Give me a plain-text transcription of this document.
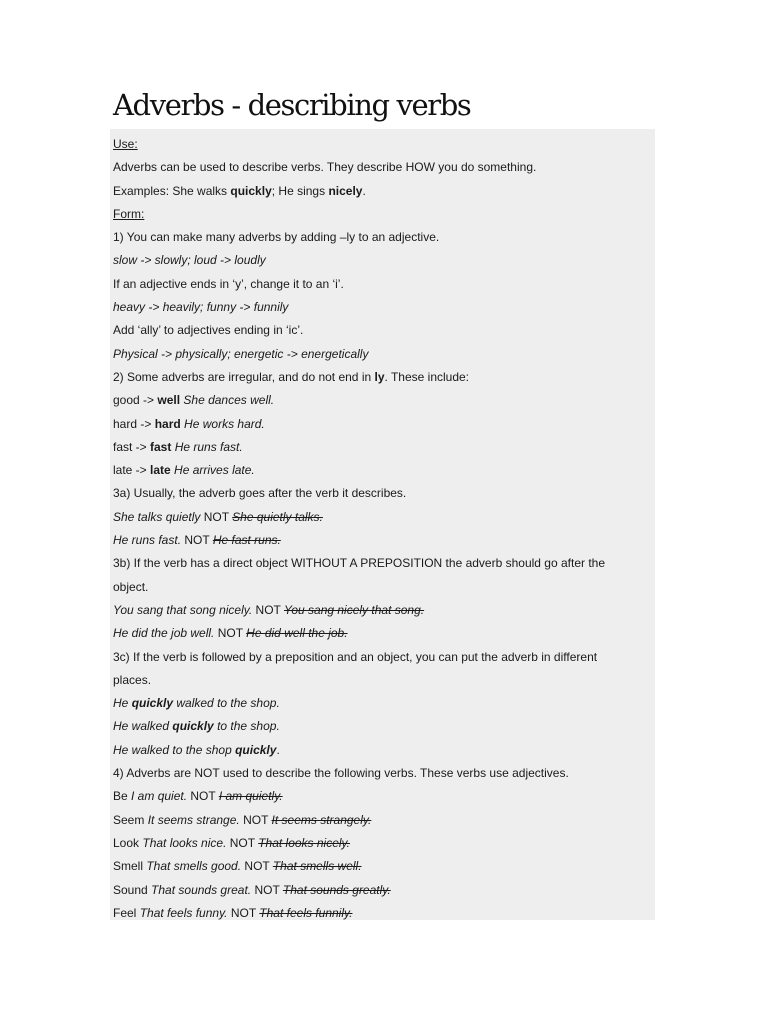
Adverbs - describing verbs
Use:
Adverbs can be used to describe verbs. They describe HOW you do something.
Examples: She walks quickly; He sings nicely.
Form:
1) You can make many adverbs by adding –ly to an adjective.
slow -> slowly; loud -> loudly
If an adjective ends in ‘y’, change it to an ‘i’.
heavy -> heavily; funny -> funnily
Add ‘ally’ to adjectives ending in ‘ic’.
Physical -> physically; energetic -> energetically
2) Some adverbs are irregular, and do not end in ly. These include:
good -> well She dances well.
hard -> hard He works hard.
fast -> fast He runs fast.
late -> late He arrives late.
3a) Usually, the adverb goes after the verb it describes.
She talks quietly NOT She quietly talks.
He runs fast. NOT He fast runs.
3b) If the verb has a direct object WITHOUT A PREPOSITION the adverb should go after the
object.
You sang that song nicely. NOT You sang nicely that song.
He did the job well. NOT He did well the job.
3c) If the verb is followed by a preposition and an object, you can put the adverb in different
places.
He quickly walked to the shop.
He walked quickly to the shop.
He walked to the shop quickly.
4) Adverbs are NOT used to describe the following verbs. These verbs use adjectives.
Be I am quiet. NOT I am quietly.
Seem It seems strange. NOT It seems strangely.
Look That looks nice. NOT That looks nicely.
Smell That smells good. NOT That smells well.
Sound That sounds great. NOT That sounds greatly.
Feel That feels funny. NOT That feels funnily.
